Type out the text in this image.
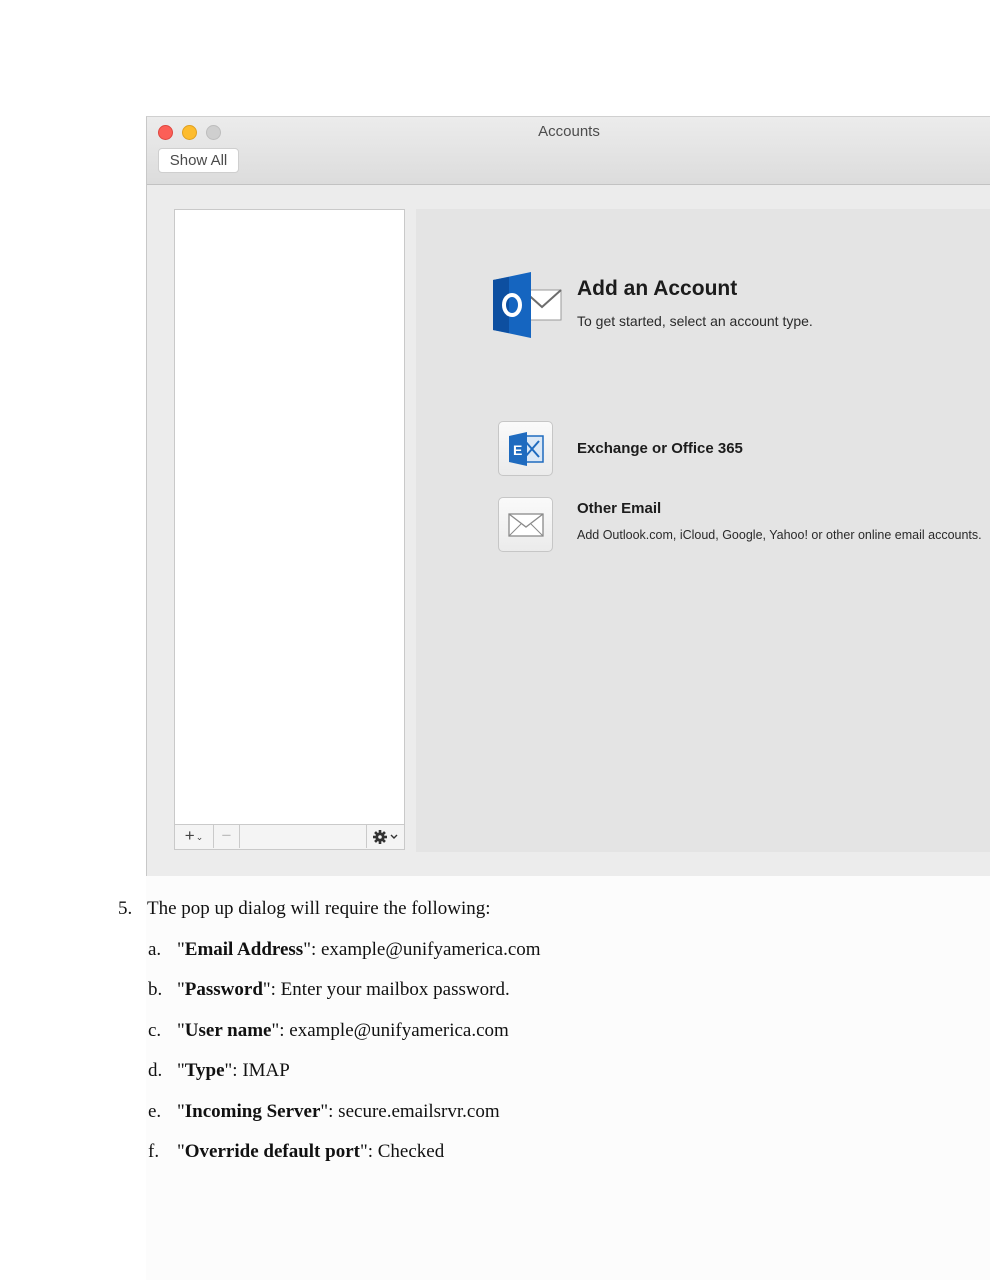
Accounts
Show All
+⌄	−
Add an Account
To get started, select an account type.
E	Exchange or Office 365
Other Email
Add Outlook.com, iCloud, Google, Yahoo! or other online email accounts.
5. The pop up dialog will require the following:
a. "Email Address": example@unifyamerica.com
b. "Password": Enter your mailbox password.
c. "User name": example@unifyamerica.com
d. "Type": IMAP
e. "Incoming Server": secure.emailsrvr.com
f. "Override default port": Checked
